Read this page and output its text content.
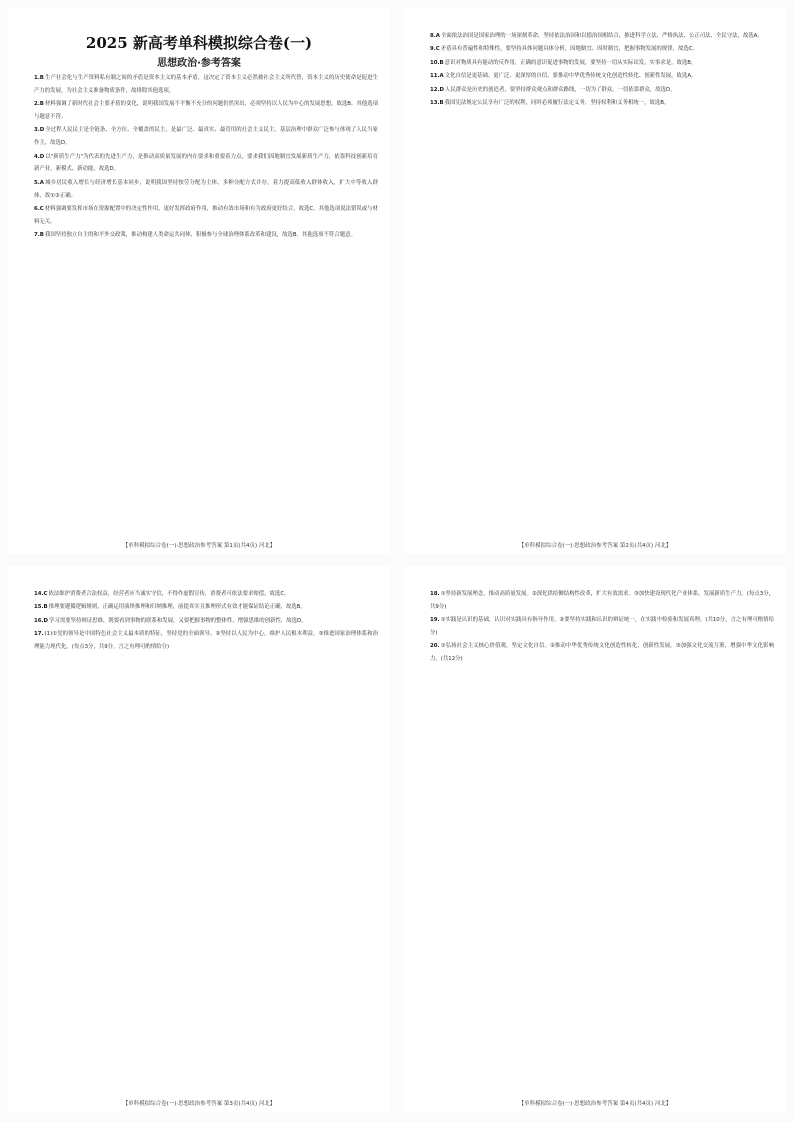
2025 新高考单科模拟综合卷(一)
思想政治·参考答案

1.B生产社会化与生产资料私有制之间的矛盾是资本主义的基本矛盾，这决定了资本主义必然被社会主义所代替，资本主义的历史使命是促进生产力的发展，为社会主义准备物质条件，故排除其他选项。

2.B材料强调了新时代社会主要矛盾的变化，说明我国发展不平衡不充分的问题仍然突出，必须坚持以人民为中心的发展思想，故选B。其他选项与题意不符。

3.D全过程人民民主是全链条、全方位、全覆盖的民主，是最广泛、最真实、最管用的社会主义民主，基层治理中群众广泛参与体现了人民当家作主，故选D。

4.D以"新质生产力"为代表的先进生产力，是推动高质量发展的内在要求和重要着力点，要求我们因地制宜发展新质生产力，依靠科技创新培育新产业、新模式、新动能，故选D。

5.A城乡居民收入增长与经济增长基本同步，说明我国坚持按劳分配为主体、多种分配方式并存，着力提高低收入群体收入，扩大中等收入群体，故①②正确。

6.C材料强调要发挥市场在资源配置中的决定性作用，更好发挥政府作用，推动有效市场和有为政府更好结合，故选C。其他选项说法错误或与材料无关。

7.B我国坚持独立自主的和平外交政策，推动构建人类命运共同体，积极参与全球治理体系改革和建设，故选B。其他选项不符合题意。

【单科模拟综合卷(一)·思想政治参考答案 第1页(共4页) 河北】

8.A全面依法治国是国家治理的一场深刻革命，坚持依法治国和以德治国相结合，推进科学立法、严格执法、公正司法、全民守法，故选A。

9.C矛盾具有普遍性和特殊性，要坚持具体问题具体分析，因地制宜、因时制宜，把握事物发展的规律，故选C。

10.B意识对物质具有能动的反作用，正确的意识促进事物的发展，要坚持一切从实际出发，实事求是，故选B。

11.A文化自信是更基础、更广泛、更深厚的自信，要推动中华优秀传统文化创造性转化、创新性发展，故选A。

12.D人民群众是历史的创造者，要坚持群众观点和群众路线，一切为了群众，一切依靠群众，故选D。

13.B我国宪法规定公民享有广泛的权利，同时必须履行法定义务，坚持权利和义务相统一，故选B。

【单科模拟综合卷(一)·思想政治参考答案 第2页(共4页) 河北】

14.C依法维护消费者合法权益，经营者应当诚实守信，不得作虚假宣传，消费者可依法要求赔偿，故选C。

15.B推理要遵循逻辑规则，正确运用演绎推理和归纳推理，前提真实且推理形式有效才能保证结论正确，故选B。

16.D学习需要坚持辩证思维，既要看到事物的联系和发展，又要把握事物的整体性，增强思维的创新性，故选D。

17.(1)①党的领导是中国特色社会主义最本质的特征，坚持党的全面领导。②坚持以人民为中心，维护人民根本利益。③推进国家治理体系和治理能力现代化。(每点3分，共9分，言之有理可酌情给分)

【单科模拟综合卷(一)·思想政治参考答案 第3页(共4页) 河北】

18.①坚持新发展理念，推动高质量发展。②深化供给侧结构性改革，扩大有效需求。③加快建设现代化产业体系，发展新质生产力。(每点3分，共9分)

19.①实践是认识的基础，认识对实践具有指导作用。②要坚持实践和认识的辩证统一，在实践中检验和发展真理。(共10分，言之有理可酌情给分)

20.①弘扬社会主义核心价值观，坚定文化自信。②推动中华优秀传统文化创造性转化、创新性发展。③加强文化交流互鉴，增强中华文化影响力。(共12分)

【单科模拟综合卷(一)·思想政治参考答案 第4页(共4页) 河北】
